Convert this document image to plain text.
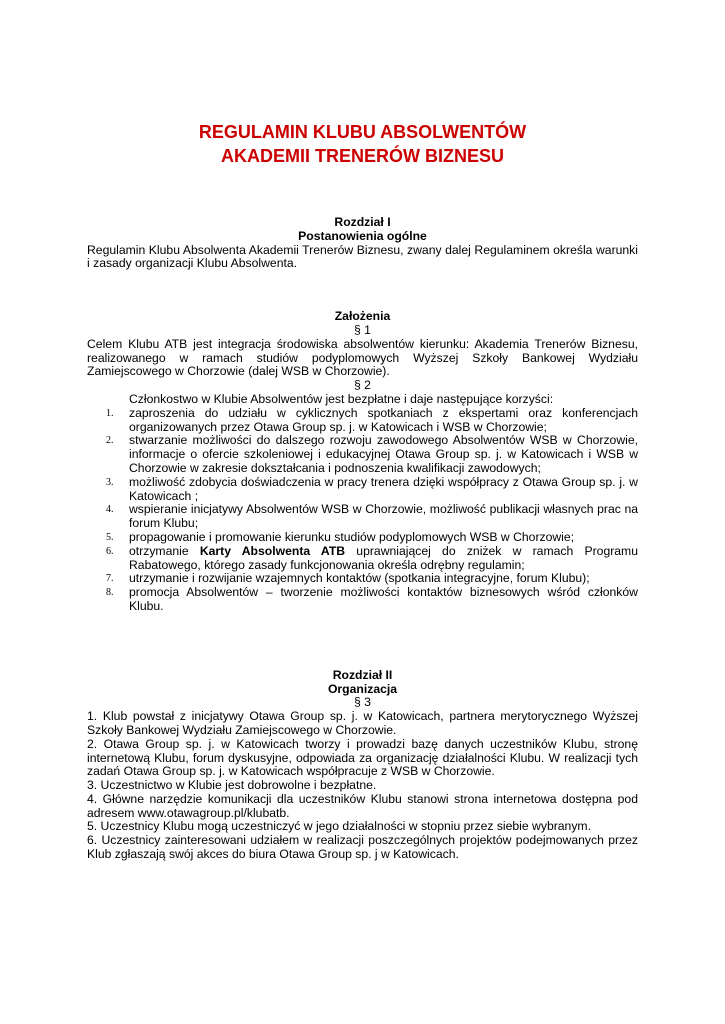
REGULAMIN KLUBU ABSOLWENTÓW
AKADEMII TRENERÓW BIZNESU
Rozdział I
Postanowienia ogólne

Regulamin Klubu Absolwenta Akademii Trenerów Biznesu, zwany dalej Regulaminem określa warunki i zasady organizacji Klubu Absolwenta.

Założenia
§ 1

Celem Klubu ATB jest integracja środowiska absolwentów kierunku: Akademia Trenerów Biznesu, realizowanego w ramach studiów podyplomowych Wyższej Szkoły Bankowej Wydziału Zamiejscowego w Chorzowie (dalej WSB w Chorzowie).

§ 2
Członkostwo w Klubie Absolwentów jest bezpłatne i daje następujące korzyści:
1. zaproszenia do udziału w cyklicznych spotkaniach z ekspertami oraz konferencjach organizowanych przez Otawa Group sp. j. w Katowicach i WSB w Chorzowie;
2. stwarzanie możliwości do dalszego rozwoju zawodowego Absolwentów WSB w Chorzowie, informacje o ofercie szkoleniowej i edukacyjnej Otawa Group sp. j. w Katowicach i WSB w Chorzowie w zakresie dokształcania i podnoszenia kwalifikacji zawodowych;
3. możliwość zdobycia doświadczenia w pracy trenera dzięki współpracy z Otawa Group sp. j. w Katowicach ;
4. wspieranie inicjatywy Absolwentów WSB w Chorzowie, możliwość publikacji własnych prac na forum Klubu;
5. propagowanie i promowanie kierunku studiów podyplomowych WSB w Chorzowie;
6. otrzymanie Karty Absolwenta ATB uprawniającej do zniżek w ramach Programu Rabatowego, którego zasady funkcjonowania określa odrębny regulamin;
7. utrzymanie i rozwijanie wzajemnych kontaktów (spotkania integracyjne, forum Klubu);
8. promocja Absolwentów – tworzenie możliwości kontaktów biznesowych wśród członków Klubu.
Rozdział II
Organizacja
§ 3

1. Klub powstał z inicjatywy Otawa Group sp. j. w Katowicach, partnera merytorycznego Wyższej Szkoły Bankowej Wydziału Zamiejscowego w Chorzowie.

2. Otawa Group sp. j. w Katowicach tworzy i prowadzi bazę danych uczestników Klubu, stronę internetową Klubu, forum dyskusyjne, odpowiada za organizację działalności Klubu. W realizacji tych zadań Otawa Group sp. j. w Katowicach współpracuje z WSB w Chorzowie.

3. Uczestnictwo w Klubie jest dobrowolne i bezpłatne.

4. Główne narzędzie komunikacji dla uczestników Klubu stanowi strona internetowa dostępna pod adresem www.otawagroup.pl/klubatb.

5. Uczestnicy Klubu mogą uczestniczyć w jego działalności w stopniu przez siebie wybranym.

6. Uczestnicy zainteresowani udziałem w realizacji poszczególnych projektów podejmowanych przez Klub zgłaszają swój akces do biura Otawa Group sp. j w Katowicach.
